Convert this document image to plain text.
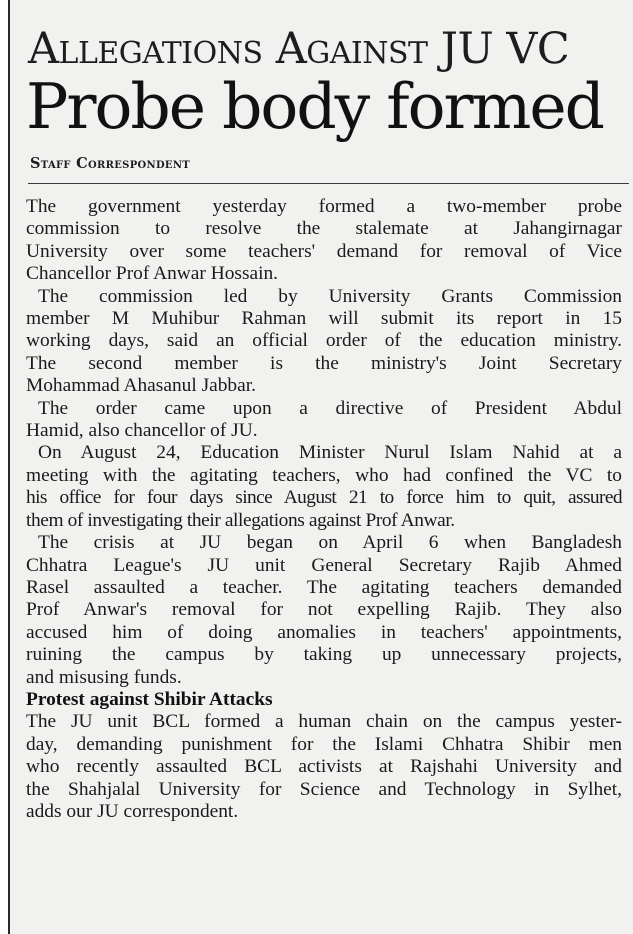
Allegations Against JU VC
Probe body formed
Staff Correspondent

The government yesterday formed a two-member probe
commission to resolve the stalemate at Jahangirnagar
University over some teachers' demand for removal of Vice
Chancellor Prof Anwar Hossain.

The commission led by University Grants Commission
member M Muhibur Rahman will submit its report in 15
working days, said an official order of the education ministry.
The second member is the ministry's Joint Secretary
Mohammad Ahasanul Jabbar.

The order came upon a directive of President Abdul
Hamid, also chancellor of JU.

On August 24, Education Minister Nurul Islam Nahid at a
meeting with the agitating teachers, who had confined the VC to
his office for four days since August 21 to force him to quit, assured
them of investigating their allegations against Prof Anwar.

The crisis at JU began on April 6 when Bangladesh
Chhatra League's JU unit General Secretary Rajib Ahmed
Rasel assaulted a teacher. The agitating teachers demanded
Prof Anwar's removal for not expelling Rajib. They also
accused him of doing anomalies in teachers' appointments,
ruining the campus by taking up unnecessary projects,
and misusing funds.

Protest against Shibir Attacks

The JU unit BCL formed a human chain on the campus yester-
day, demanding punishment for the Islami Chhatra Shibir men
who recently assaulted BCL activists at Rajshahi University and
the Shahjalal University for Science and Technology in Sylhet,
adds our JU correspondent.
